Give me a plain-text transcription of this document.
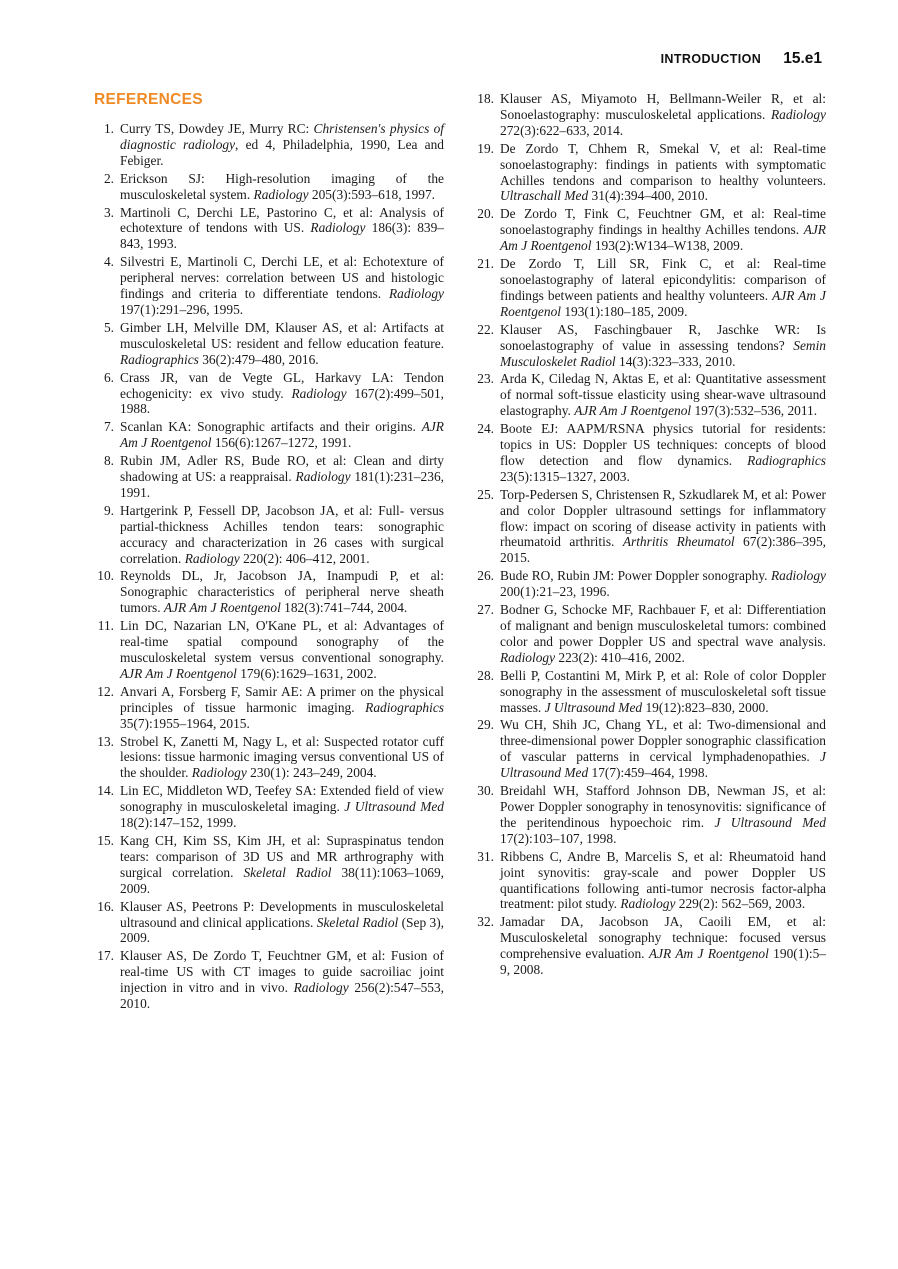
INTRODUCTION 15.e1
REFERENCES
1. Curry TS, Dowdey JE, Murry RC: Christensen's physics of diagnostic radiology, ed 4, Philadelphia, 1990, Lea and Febiger.
2. Erickson SJ: High-resolution imaging of the musculoskeletal system. Radiology 205(3):593–618, 1997.
3. Martinoli C, Derchi LE, Pastorino C, et al: Analysis of echotexture of tendons with US. Radiology 186(3): 839–843, 1993.
4. Silvestri E, Martinoli C, Derchi LE, et al: Echotexture of peripheral nerves: correlation between US and histologic findings and criteria to differentiate tendons. Radiology 197(1):291–296, 1995.
5. Gimber LH, Melville DM, Klauser AS, et al: Artifacts at musculoskeletal US: resident and fellow education feature. Radiographics 36(2):479–480, 2016.
6. Crass JR, van de Vegte GL, Harkavy LA: Tendon echogenicity: ex vivo study. Radiology 167(2):499–501, 1988.
7. Scanlan KA: Sonographic artifacts and their origins. AJR Am J Roentgenol 156(6):1267–1272, 1991.
8. Rubin JM, Adler RS, Bude RO, et al: Clean and dirty shadowing at US: a reappraisal. Radiology 181(1):231–236, 1991.
9. Hartgerink P, Fessell DP, Jacobson JA, et al: Full- versus partial-thickness Achilles tendon tears: sonographic accuracy and characterization in 26 cases with surgical correlation. Radiology 220(2): 406–412, 2001.
10. Reynolds DL, Jr, Jacobson JA, Inampudi P, et al: Sonographic characteristics of peripheral nerve sheath tumors. AJR Am J Roentgenol 182(3):741–744, 2004.
11. Lin DC, Nazarian LN, O'Kane PL, et al: Advantages of real-time spatial compound sonography of the musculoskeletal system versus conventional sonography. AJR Am J Roentgenol 179(6):1629–1631, 2002.
12. Anvari A, Forsberg F, Samir AE: A primer on the physical principles of tissue harmonic imaging. Radiographics 35(7):1955–1964, 2015.
13. Strobel K, Zanetti M, Nagy L, et al: Suspected rotator cuff lesions: tissue harmonic imaging versus conventional US of the shoulder. Radiology 230(1): 243–249, 2004.
14. Lin EC, Middleton WD, Teefey SA: Extended field of view sonography in musculoskeletal imaging. J Ultrasound Med 18(2):147–152, 1999.
15. Kang CH, Kim SS, Kim JH, et al: Supraspinatus tendon tears: comparison of 3D US and MR arthrography with surgical correlation. Skeletal Radiol 38(11):1063–1069, 2009.
16. Klauser AS, Peetrons P: Developments in musculoskeletal ultrasound and clinical applications. Skeletal Radiol (Sep 3), 2009.
17. Klauser AS, De Zordo T, Feuchtner GM, et al: Fusion of real-time US with CT images to guide sacroiliac joint injection in vitro and in vivo. Radiology 256(2):547–553, 2010.
18. Klauser AS, Miyamoto H, Bellmann-Weiler R, et al: Sonoelastography: musculoskeletal applications. Radiology 272(3):622–633, 2014.
19. De Zordo T, Chhem R, Smekal V, et al: Real-time sonoelastography: findings in patients with symptomatic Achilles tendons and comparison to healthy volunteers. Ultraschall Med 31(4):394–400, 2010.
20. De Zordo T, Fink C, Feuchtner GM, et al: Real-time sonoelastography findings in healthy Achilles tendons. AJR Am J Roentgenol 193(2):W134–W138, 2009.
21. De Zordo T, Lill SR, Fink C, et al: Real-time sonoelastography of lateral epicondylitis: comparison of findings between patients and healthy volunteers. AJR Am J Roentgenol 193(1):180–185, 2009.
22. Klauser AS, Faschingbauer R, Jaschke WR: Is sonoelastography of value in assessing tendons? Semin Musculoskelet Radiol 14(3):323–333, 2010.
23. Arda K, Ciledag N, Aktas E, et al: Quantitative assessment of normal soft-tissue elasticity using shear-wave ultrasound elastography. AJR Am J Roentgenol 197(3):532–536, 2011.
24. Boote EJ: AAPM/RSNA physics tutorial for residents: topics in US: Doppler US techniques: concepts of blood flow detection and flow dynamics. Radiographics 23(5):1315–1327, 2003.
25. Torp-Pedersen S, Christensen R, Szkudlarek M, et al: Power and color Doppler ultrasound settings for inflammatory flow: impact on scoring of disease activity in patients with rheumatoid arthritis. Arthritis Rheumatol 67(2):386–395, 2015.
26. Bude RO, Rubin JM: Power Doppler sonography. Radiology 200(1):21–23, 1996.
27. Bodner G, Schocke MF, Rachbauer F, et al: Differentiation of malignant and benign musculoskeletal tumors: combined color and power Doppler US and spectral wave analysis. Radiology 223(2): 410–416, 2002.
28. Belli P, Costantini M, Mirk P, et al: Role of color Doppler sonography in the assessment of musculoskeletal soft tissue masses. J Ultrasound Med 19(12):823–830, 2000.
29. Wu CH, Shih JC, Chang YL, et al: Two-dimensional and three-dimensional power Doppler sonographic classification of vascular patterns in cervical lymphadenopathies. J Ultrasound Med 17(7):459–464, 1998.
30. Breidahl WH, Stafford Johnson DB, Newman JS, et al: Power Doppler sonography in tenosynovitis: significance of the peritendinous hypoechoic rim. J Ultrasound Med 17(2):103–107, 1998.
31. Ribbens C, Andre B, Marcelis S, et al: Rheumatoid hand joint synovitis: gray-scale and power Doppler US quantifications following anti-tumor necrosis factor-alpha treatment: pilot study. Radiology 229(2): 562–569, 2003.
32. Jamadar DA, Jacobson JA, Caoili EM, et al: Musculoskeletal sonography technique: focused versus comprehensive evaluation. AJR Am J Roentgenol 190(1):5–9, 2008.
